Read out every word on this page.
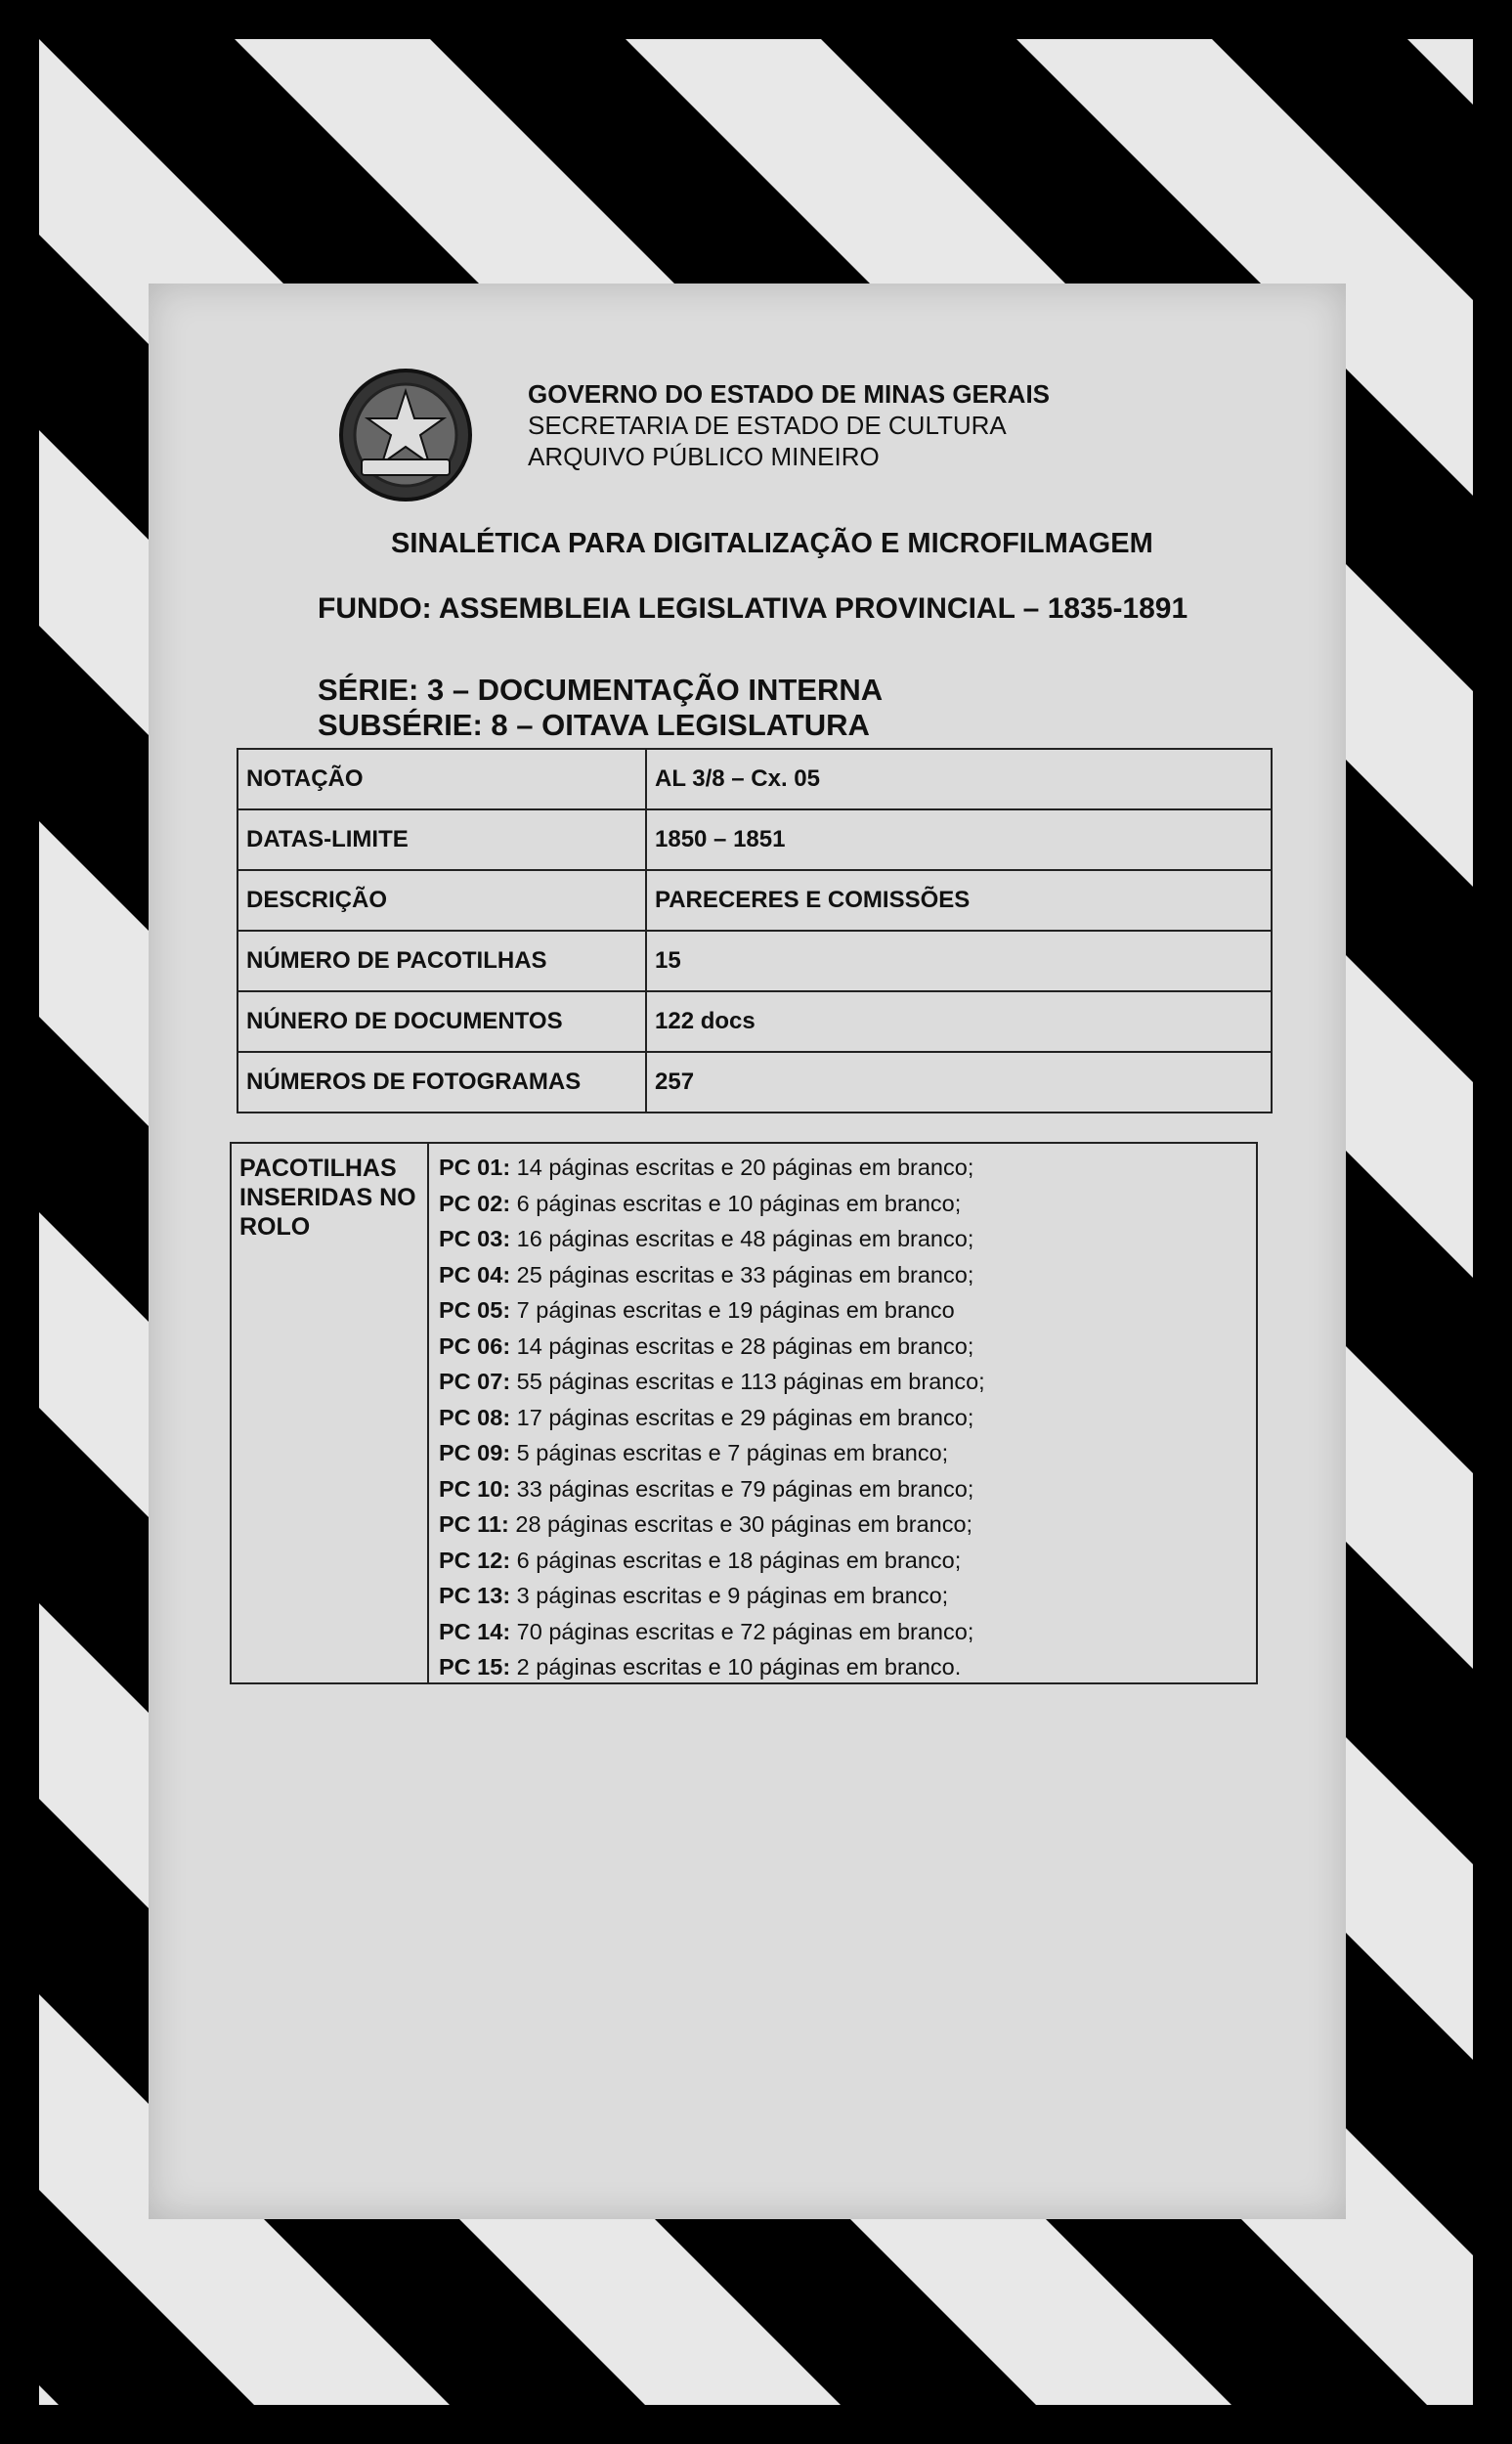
GOVERNO DO ESTADO DE MINAS GERAIS
SECRETARIA DE ESTADO DE CULTURA
ARQUIVO PÚBLICO MINEIRO
SINALÉTICA PARA DIGITALIZAÇÃO E MICROFILMAGEM
FUNDO: ASSEMBLEIA LEGISLATIVA PROVINCIAL – 1835-1891
SÉRIE: 3 – DOCUMENTAÇÃO INTERNA
SUBSÉRIE: 8 – OITAVA LEGISLATURA
NOTAÇÃO	AL 3/8 – Cx. 05
DATAS-LIMITE	1850 – 1851
DESCRIÇÃO	PARECERES E COMISSÕES
NÚMERO DE PACOTILHAS	15
NÚNERO DE DOCUMENTOS	122 docs
NÚMEROS DE FOTOGRAMAS	257
PACOTILHAS INSERIDAS NO ROLO
PC 01: 14 páginas escritas e 20 páginas em branco;
PC 02: 6 páginas escritas e 10 páginas em branco;
PC 03: 16 páginas escritas e 48 páginas em branco;
PC 04: 25 páginas escritas e 33 páginas em branco;
PC 05: 7 páginas escritas e 19 páginas em branco
PC 06: 14 páginas escritas e 28 páginas em branco;
PC 07: 55 páginas escritas e 113 páginas em branco;
PC 08: 17 páginas escritas e 29 páginas em branco;
PC 09: 5 páginas escritas e 7 páginas em branco;
PC 10: 33 páginas escritas e 79 páginas em branco;
PC 11: 28 páginas escritas e 30 páginas em branco;
PC 12: 6 páginas escritas e 18 páginas em branco;
PC 13: 3 páginas escritas e 9 páginas em branco;
PC 14: 70 páginas escritas e 72 páginas em branco;
PC 15: 2 páginas escritas e 10 páginas em branco.
